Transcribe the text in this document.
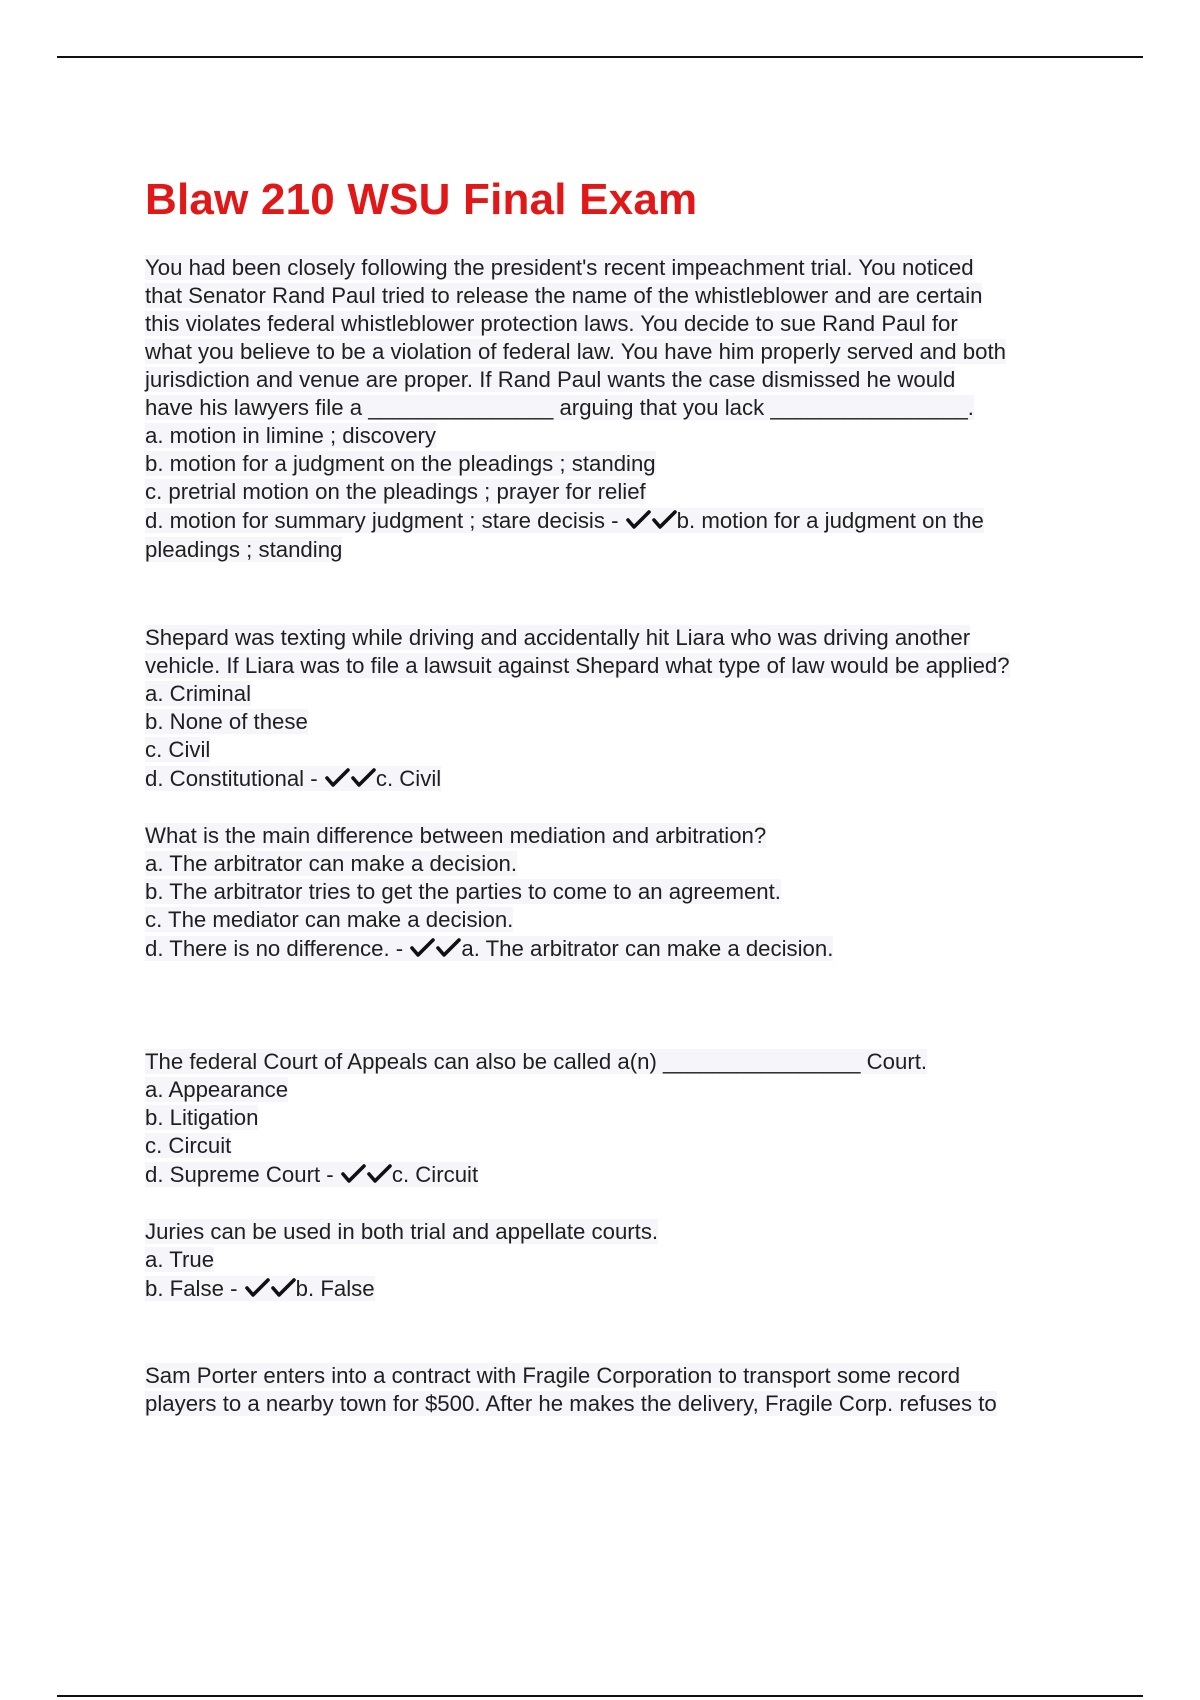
Blaw 210 WSU Final Exam
You had been closely following the president's recent impeachment trial. You noticed
that Senator Rand Paul tried to release the name of the whistleblower and are certain
this violates federal whistleblower protection laws. You decide to sue Rand Paul for
what you believe to be a violation of federal law. You have him properly served and both
jurisdiction and venue are proper. If Rand Paul wants the case dismissed he would
have his lawyers file a _______________ arguing that you lack ________________.
a. motion in limine ; discovery
b. motion for a judgment on the pleadings ; standing
c. pretrial motion on the pleadings ; prayer for relief
d. motion for summary judgment ; stare decisis -	b. motion for a judgment on the
pleadings ; standing
Shepard was texting while driving and accidentally hit Liara who was driving another
vehicle. If Liara was to file a lawsuit against Shepard what type of law would be applied?
a. Criminal
b. None of these
c. Civil
d. Constitutional -	c. Civil
What is the main difference between mediation and arbitration?
a. The arbitrator can make a decision.
b. The arbitrator tries to get the parties to come to an agreement.
c. The mediator can make a decision.
d. There is no difference. -	a. The arbitrator can make a decision.
The federal Court of Appeals can also be called a(n) ________________ Court.
a. Appearance
b. Litigation
c. Circuit
d. Supreme Court -	c. Circuit
Juries can be used in both trial and appellate courts.
a. True
b. False -	b. False
Sam Porter enters into a contract with Fragile Corporation to transport some record
players to a nearby town for $500. After he makes the delivery, Fragile Corp. refuses to
